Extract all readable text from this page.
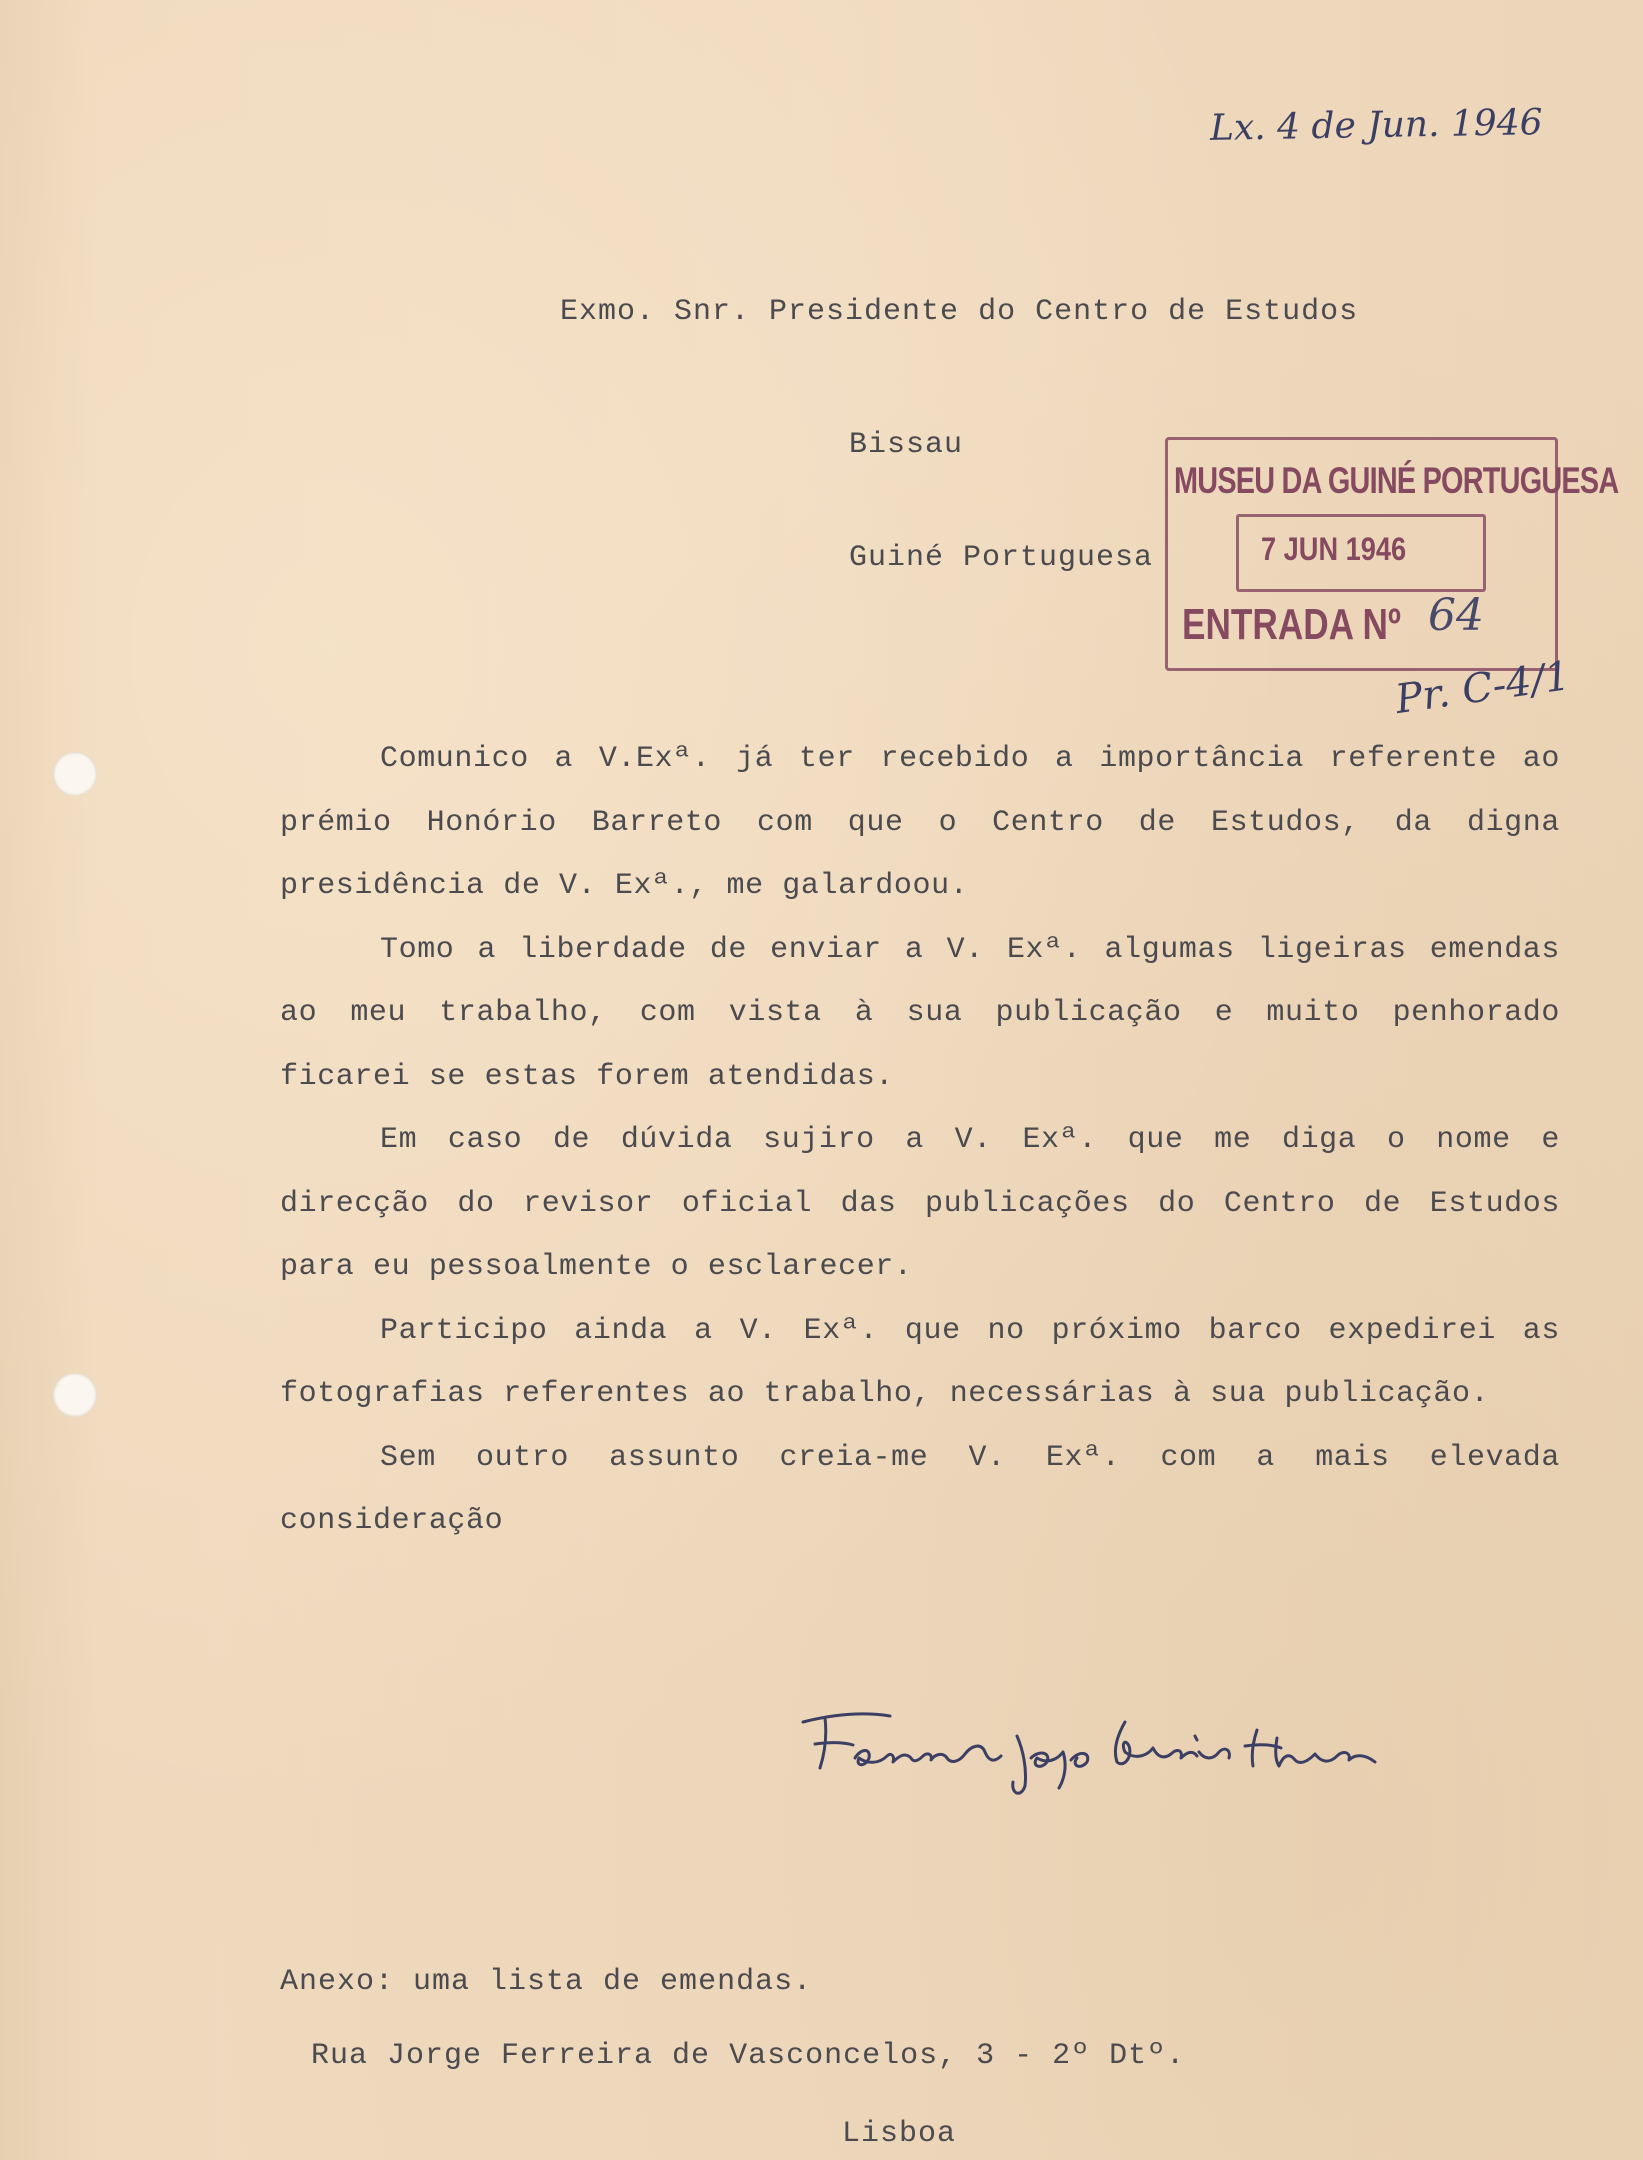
Lx. 4 de Jun. 1946
Exmo. Snr. Presidente do Centro de Estudos
Bissau
Guiné Portuguesa
MUSEU DA GUINÉ PORTUGUESA
7 JUN 1946
ENTRADA Nº 64
Pr. C-4/1

Comunico a V.Exª. já ter recebido a importância referente ao prémio Honório Barreto com que o Centro de Estudos, da digna presidência de V. Exª., me galardoou.

Tomo a liberdade de enviar a V. Exª. algumas ligeiras emendas ao meu trabalho, com vista à sua publicação e muito penhorado ficarei se estas forem atendidas.

Em caso de dúvida sujiro a V. Exª. que me diga o nome e direcção do revisor oficial das publicações do Centro de Estudos para eu pessoalmente o esclarecer.

Participo ainda a V. Exª. que no próximo barco expedirei as fotografias referentes ao trabalho, necessárias à sua publicação.

Sem outro assunto creia-me V. Exª. com a mais elevada consideração

Anexo: uma lista de emendas.
Rua Jorge Ferreira de Vasconcelos, 3 - 2º Dtº.
Lisboa
